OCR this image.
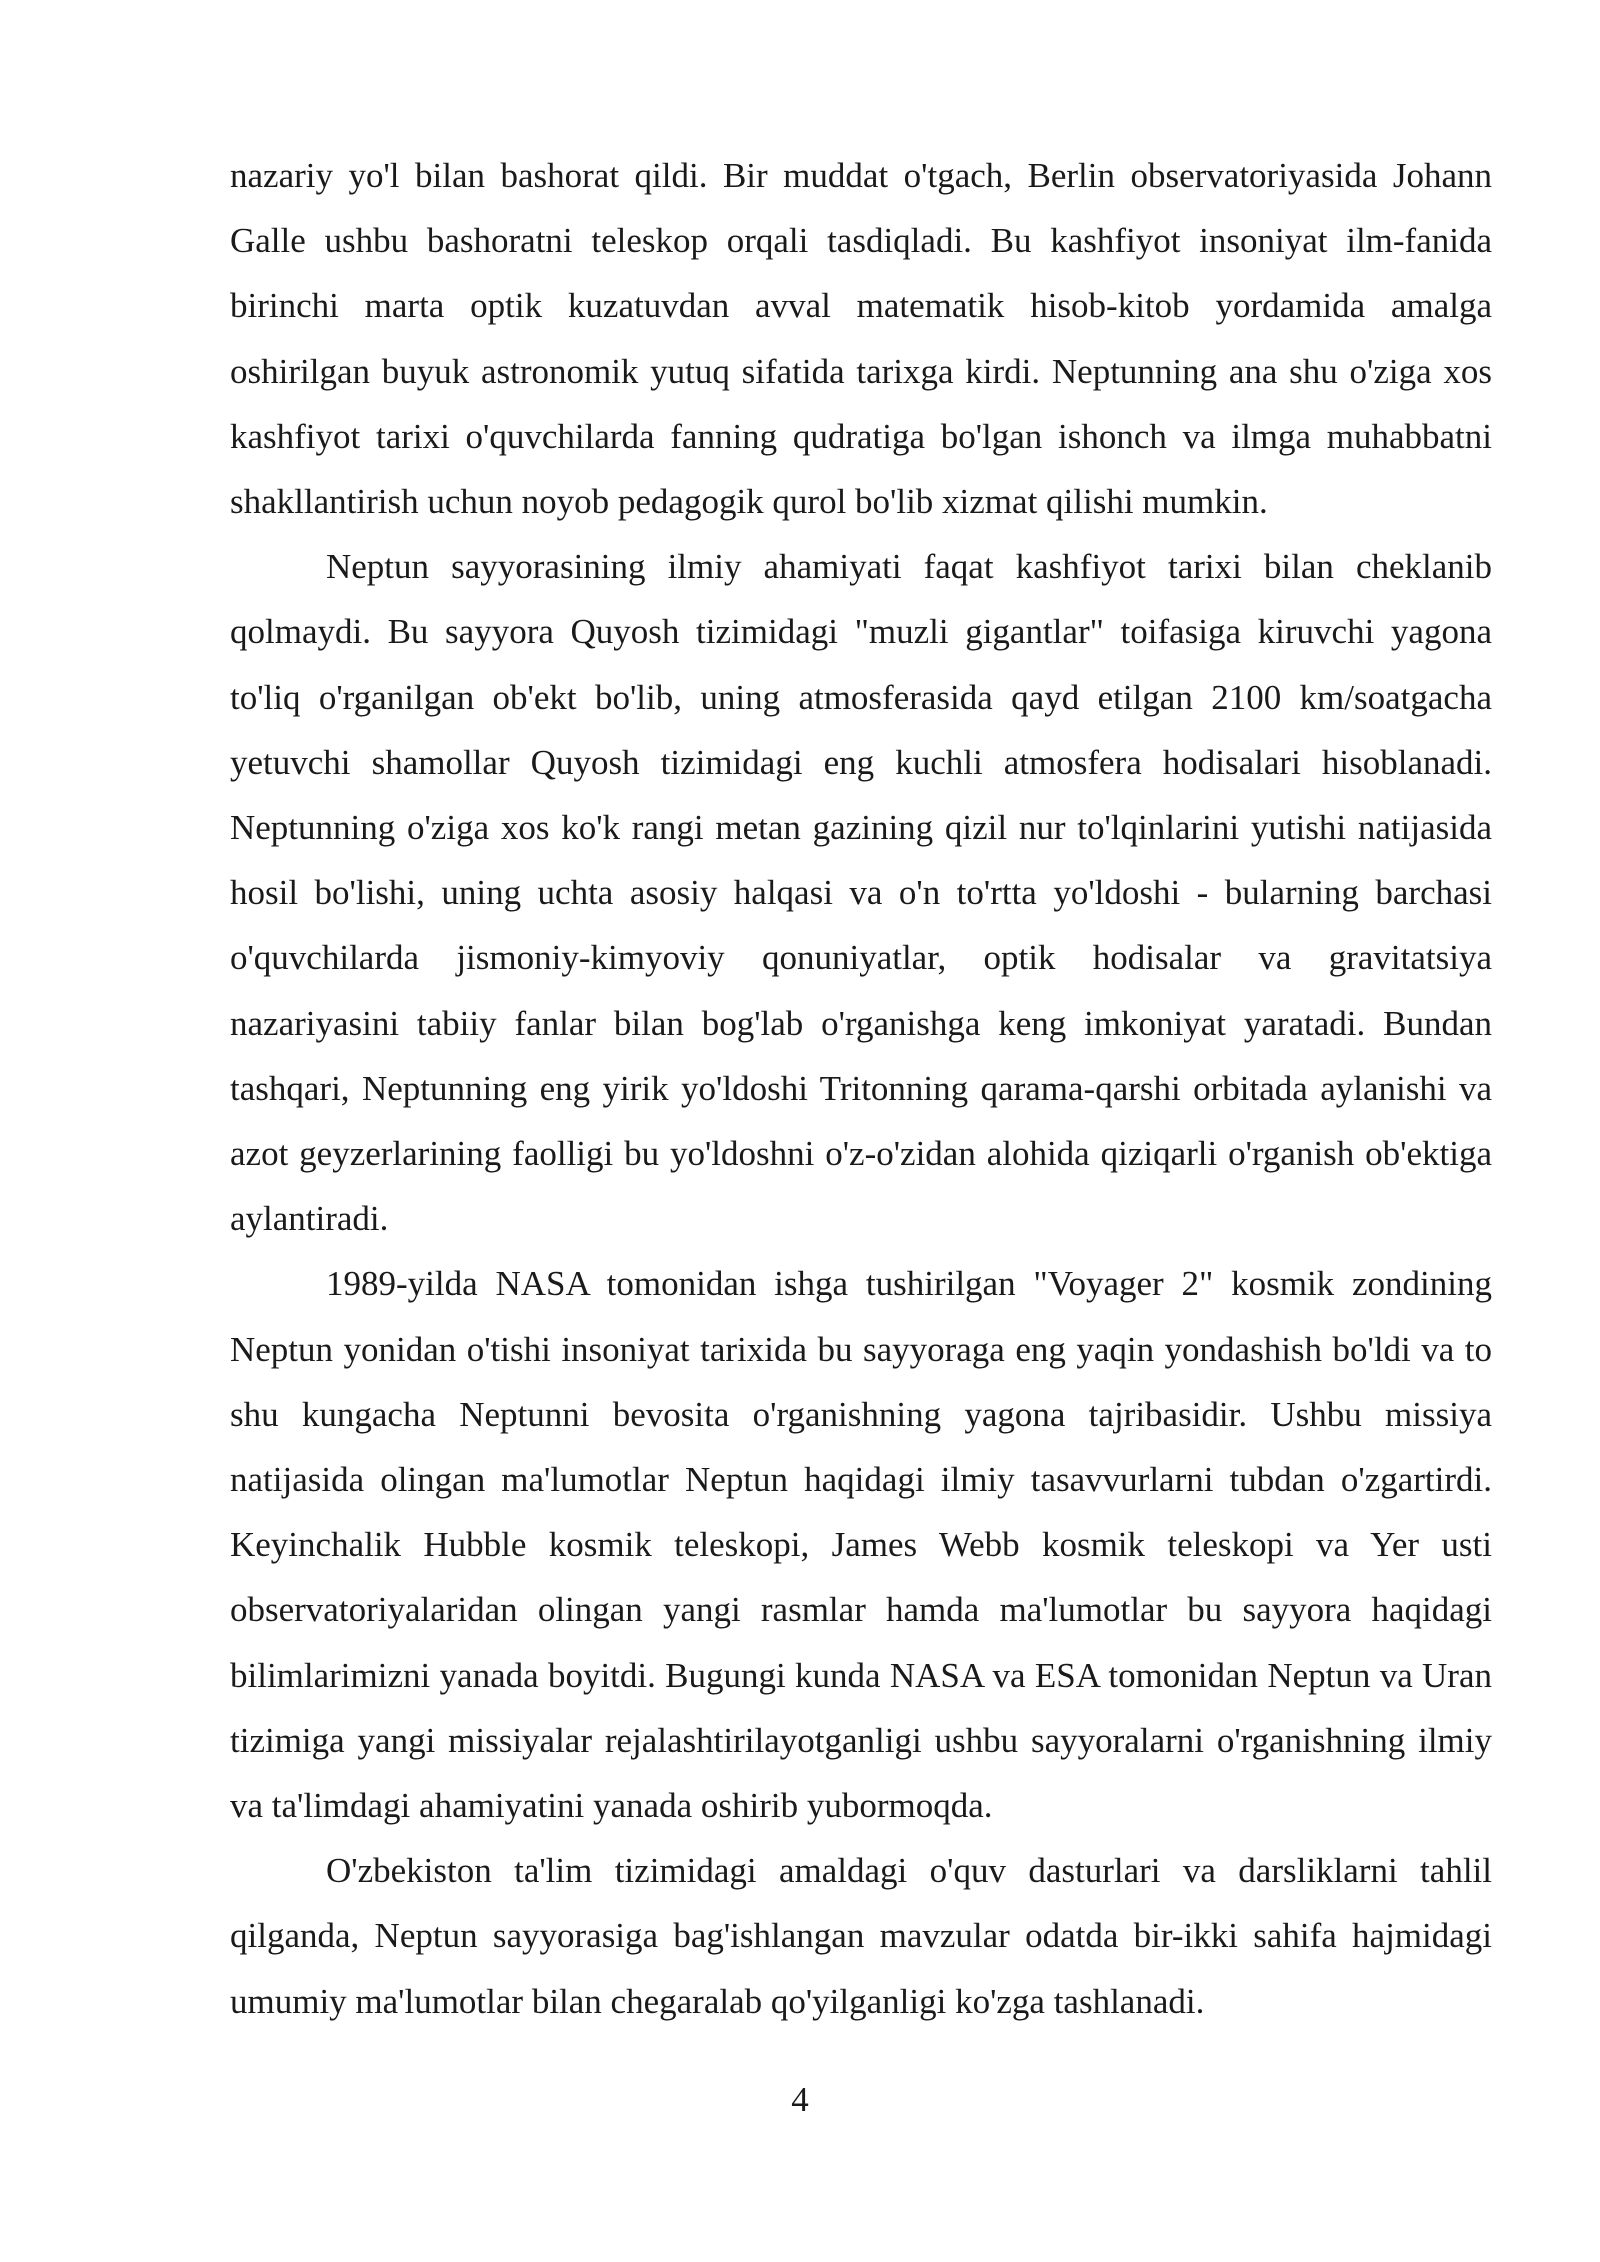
nazariy yo'l bilan bashorat qildi. Bir muddat o'tgach, Berlin observatoriyasida Johann Galle ushbu bashoratni teleskop orqali tasdiqladi. Bu kashfiyot insoniyat ilm-fanida birinchi marta optik kuzatuvdan avval matematik hisob-kitob yordamida amalga oshirilgan buyuk astronomik yutuq sifatida tarixga kirdi. Neptunning ana shu o'ziga xos kashfiyot tarixi o'quvchilarda fanning qudratiga bo'lgan ishonch va ilmga muhabbatni shakllantirish uchun noyob pedagogik qurol bo'lib xizmat qilishi mumkin.

Neptun sayyorasining ilmiy ahamiyati faqat kashfiyot tarixi bilan cheklanib qolmaydi. Bu sayyora Quyosh tizimidagi "muzli gigantlar" toifasiga kiruvchi yagona to'liq o'rganilgan ob'ekt bo'lib, uning atmosferasida qayd etilgan 2100 km/soatgacha yetuvchi shamollar Quyosh tizimidagi eng kuchli atmosfera hodisalari hisoblanadi. Neptunning o'ziga xos ko'k rangi metan gazining qizil nur to'lqinlarini yutishi natijasida hosil bo'lishi, uning uchta asosiy halqasi va o'n to'rtta yo'ldoshi - bularning barchasi o'quvchilarda jismoniy-kimyoviy qonuniyatlar, optik hodisalar va gravitatsiya nazariyasini tabiiy fanlar bilan bog'lab o'rganishga keng imkoniyat yaratadi. Bundan tashqari, Neptunning eng yirik yo'ldoshi Tritonning qarama-qarshi orbitada aylanishi va azot geyzerlarining faolligi bu yo'ldoshni o'z-o'zidan alohida qiziqarli o'rganish ob'ektiga aylantiradi.

1989-yilda NASA tomonidan ishga tushirilgan "Voyager 2" kosmik zondining Neptun yonidan o'tishi insoniyat tarixida bu sayyoraga eng yaqin yondashish bo'ldi va to shu kungacha Neptunni bevosita o'rganishning yagona tajribasidir. Ushbu missiya natijasida olingan ma'lumotlar Neptun haqidagi ilmiy tasavvurlarni tubdan o'zgartirdi. Keyinchalik Hubble kosmik teleskopi, James Webb kosmik teleskopi va Yer usti observatoriyalaridan olingan yangi rasmlar hamda ma'lumotlar bu sayyora haqidagi bilimlarimizni yanada boyitdi. Bugungi kunda NASA va ESA tomonidan Neptun va Uran tizimiga yangi missiyalar rejalashtirilayotganligi ushbu sayyoralarni o'rganishning ilmiy va ta'limdagi ahamiyatini yanada oshirib yubormoqda.

O'zbekiston ta'lim tizimidagi amaldagi o'quv dasturlari va darsliklarni tahlil qilganda, Neptun sayyorasiga bag'ishlangan mavzular odatda bir-ikki sahifa hajmidagi umumiy ma'lumotlar bilan chegaralab qo'yilganligi ko'zga tashlanadi.

4
